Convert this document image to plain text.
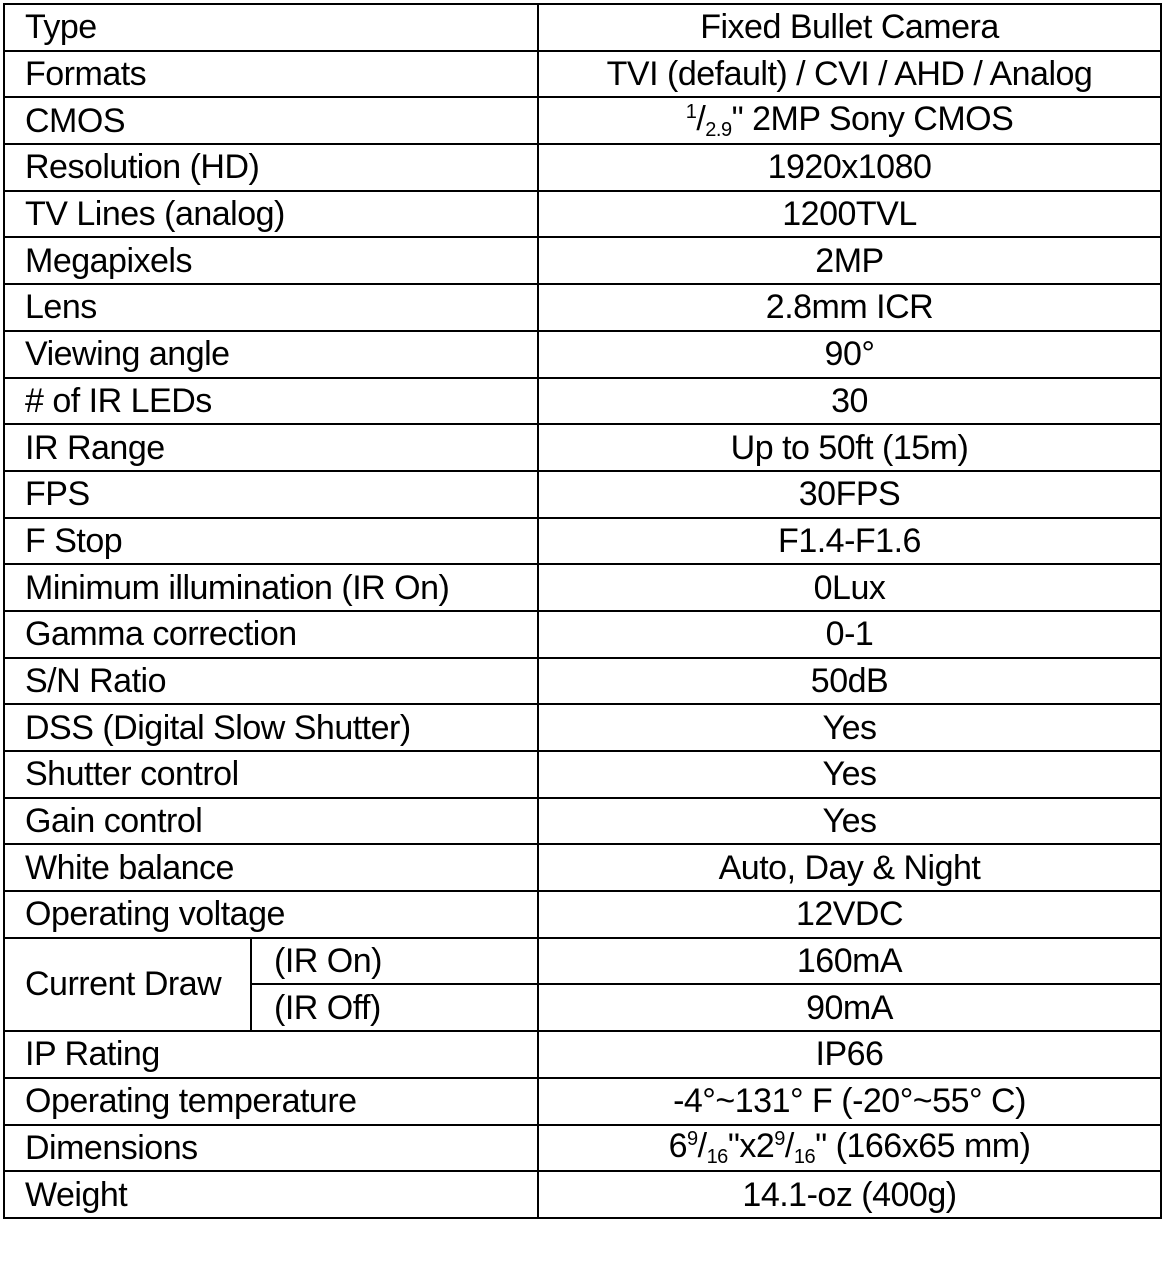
Type		Fixed Bullet Camera
Formats		TVI (default) / CVI / AHD / Analog
CMOS		$^1$/2.9" 2MP Sony CMOS
Resolution (HD)		1920x1080
TV Lines (analog)		1200TVL
Megapixels		2MP
Lens		2.8mm ICR
Viewing angle		90°
# of IR LEDs		30
IR Range		Up to 50ft (15m)
FPS		30FPS
F Stop		F1.4-F1.6
Minimum illumination (IR On)		0Lux
Gamma correction		0-1
S/N Ratio		50dB
DSS (Digital Slow Shutter)		Yes
Shutter control		Yes
Gain control		Yes
White balance		Auto, Day & Night
Operating voltage		12VDC
Current Draw	(IR On)	160mA
	(IR Off)	90mA
IP Rating		IP66
Operating temperature		-4°~131° F (-20°~55° C)
Dimensions		$6^9/16"x2^9/16$" (166x65 mm)
Weight		14.1-oz (400g)
